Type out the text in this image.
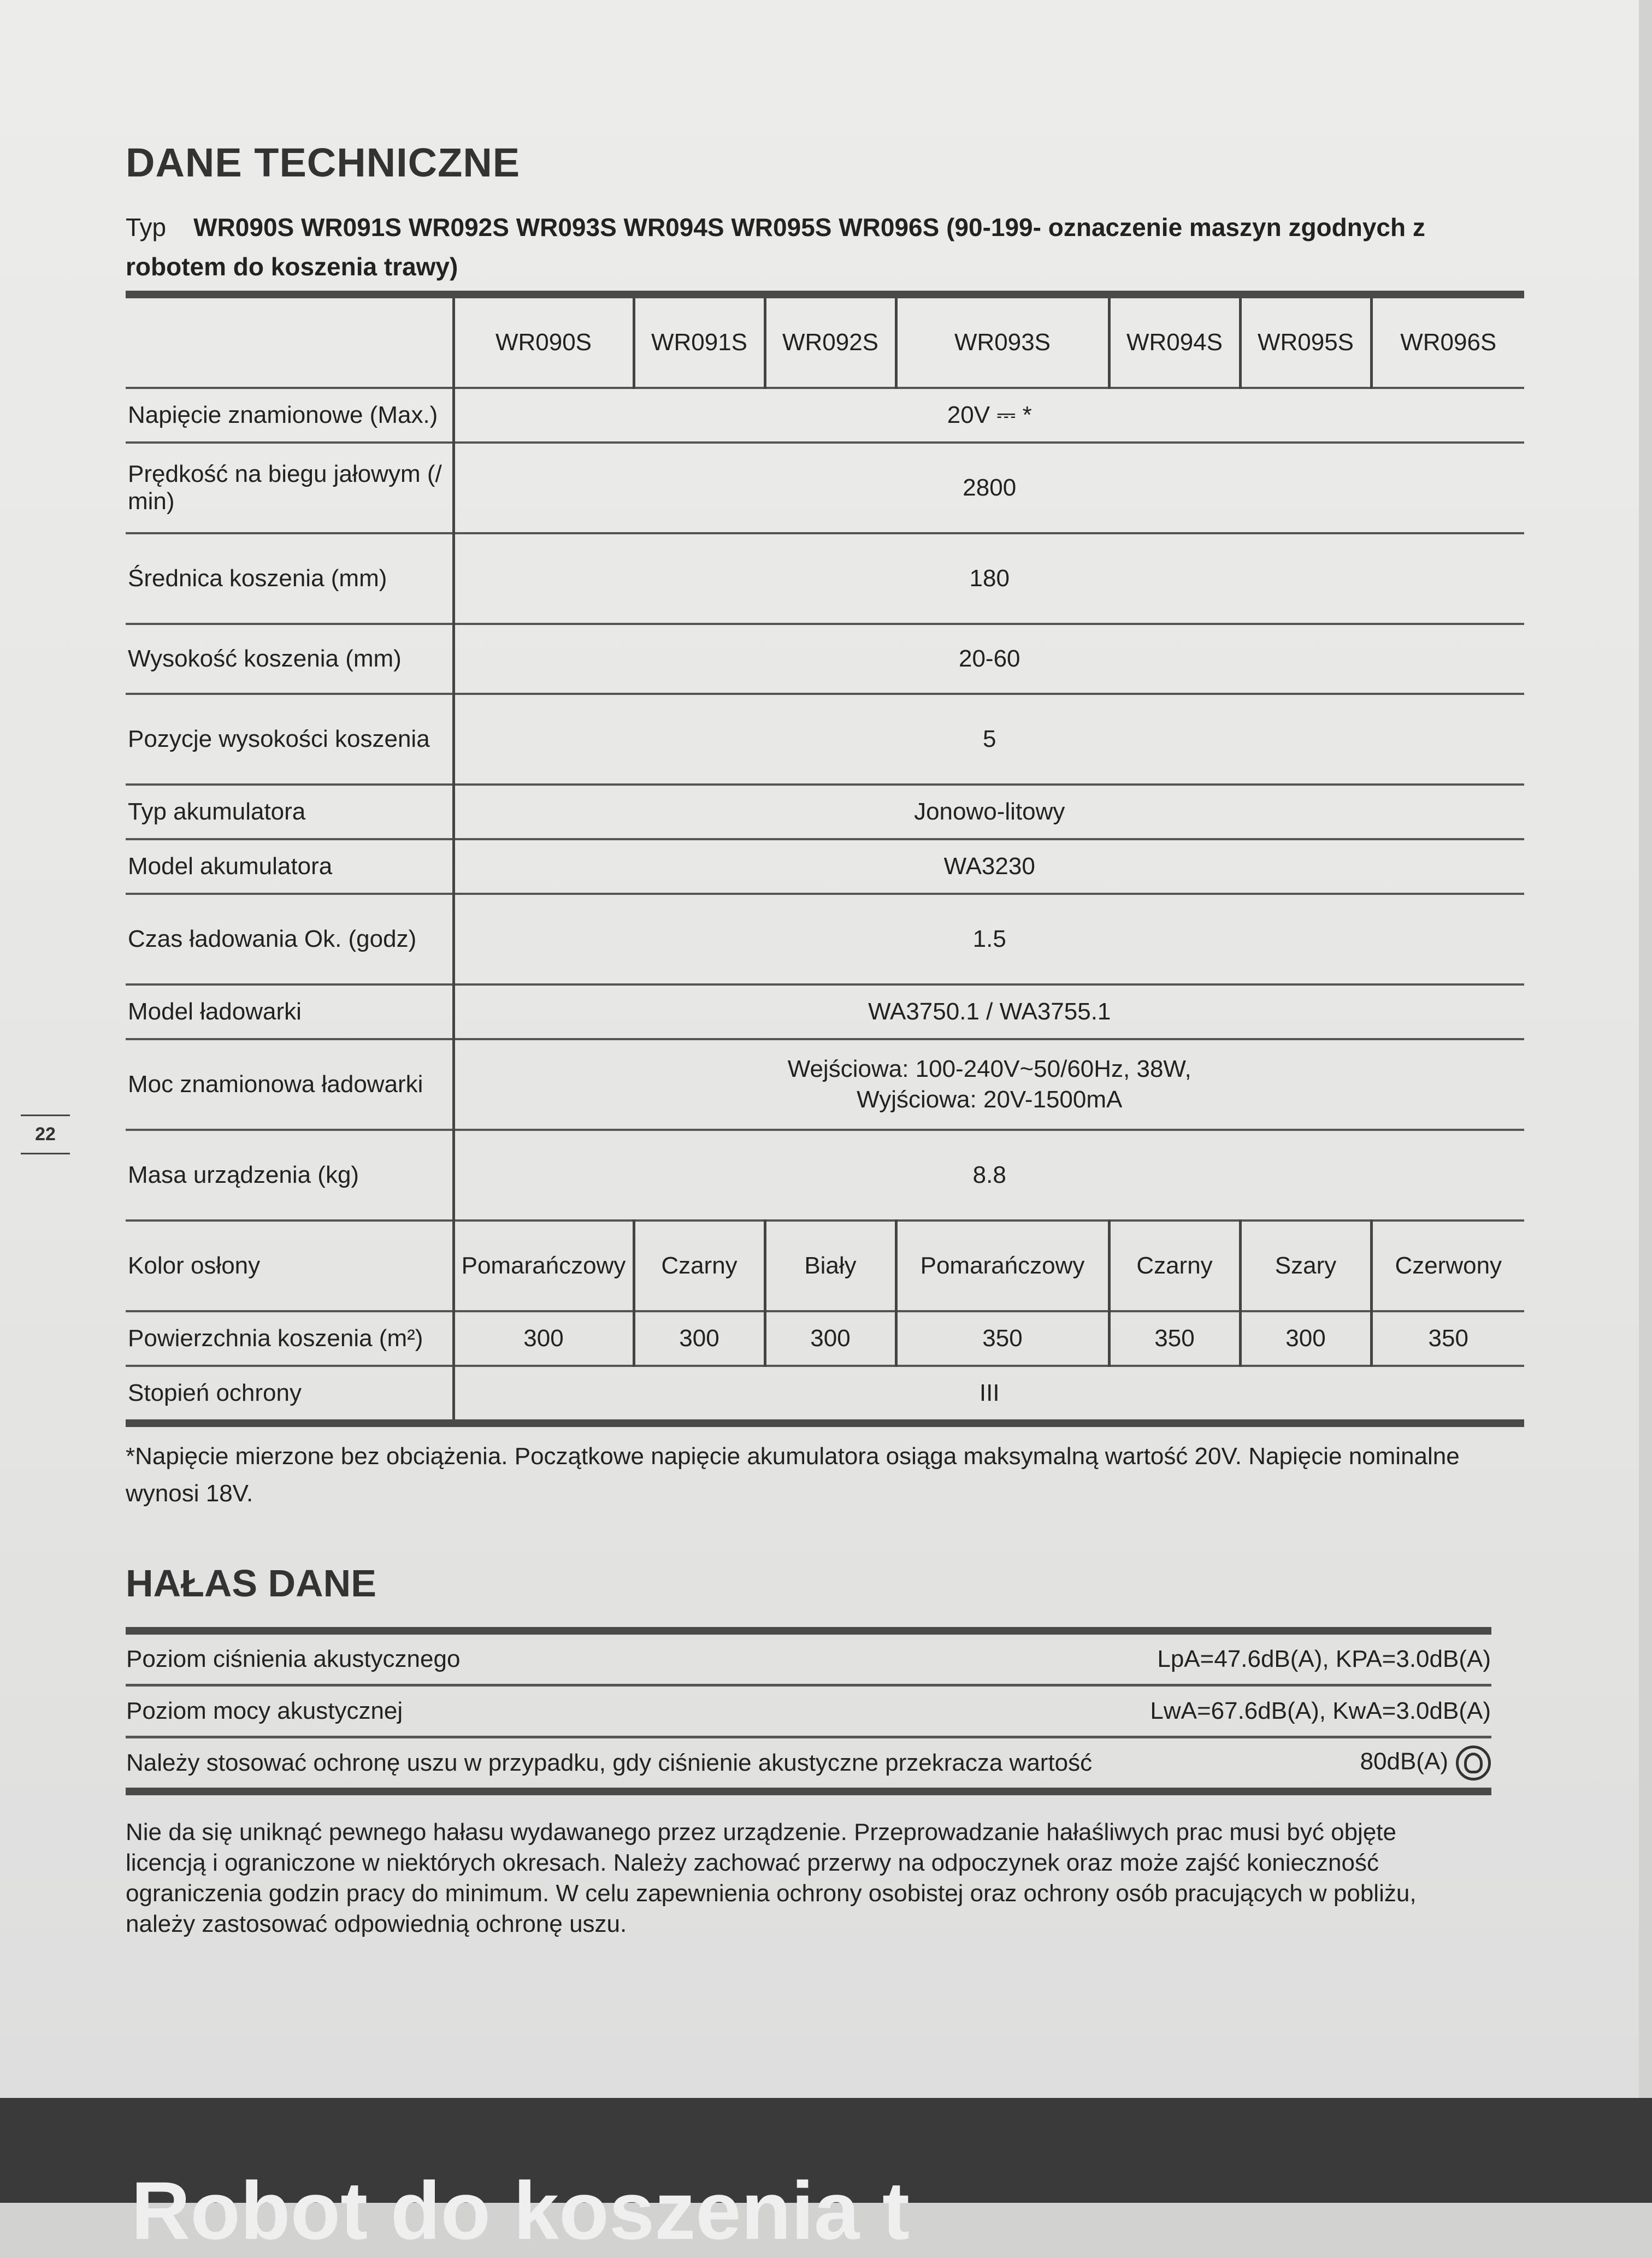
22
DANE TECHNICZNE
Typ WR090S WR091S WR092S WR093S WR094S WR095S WR096S (90-199- oznaczenie maszyn zgodnych z robotem do koszenia trawy)
	WR090S	WR091S	WR092S	WR093S	WR094S	WR095S	WR096S
Napięcie znamionowe (Max.)	20V ⎓ *						
Prędkość na biegu jałowym (/ min)	2800						
Średnica koszenia (mm)	180						
Wysokość koszenia (mm)	20-60						
Pozycje wysokości koszenia	5						
Typ akumulatora	Jonowo-litowy						
Model akumulatora	WA3230						
Czas ładowania Ok. (godz)	1.5						
Model ładowarki	WA3750.1 / WA3755.1						
Moc znamionowa ładowarki	Wejściowa: 100-240V~50/60Hz, 38W,
Wyjściowa: 20V-1500mA						

Masa urządzenia (kg)	8.8						
Kolor osłony	Pomarańczowy	Czarny	Biały	Pomarańczowy	Czarny	Szary	Czerwony
Powierzchnia koszenia (m²)	300	300	300	350	350	300	350
Stopień ochrony	III						
*Napięcie mierzone bez obciążenia. Początkowe napięcie akumulatora osiąga maksymalną wartość 20V. Napięcie nominalne wynosi 18V.
HAŁAS DANE
Poziom ciśnienia akustycznego	LpA=47.6dB(A), KPA=3.0dB(A)
Poziom mocy akustycznej	LwA=67.6dB(A), KwA=3.0dB(A)
Należy stosować ochronę uszu w przypadku, gdy ciśnienie akustyczne przekracza wartość	80dB(A)
Nie da się uniknąć pewnego hałasu wydawanego przez urządzenie. Przeprowadzanie hałaśliwych prac musi być objęte licencją i ograniczone w niektórych okresach. Należy zachować przerwy na odpoczynek oraz może zajść konieczność ograniczenia godzin pracy do minimum. W celu zapewnienia ochrony osobistej oraz ochrony osób pracujących w pobliżu, należy zastosować odpowiednią ochronę uszu.
Robot do koszenia t
